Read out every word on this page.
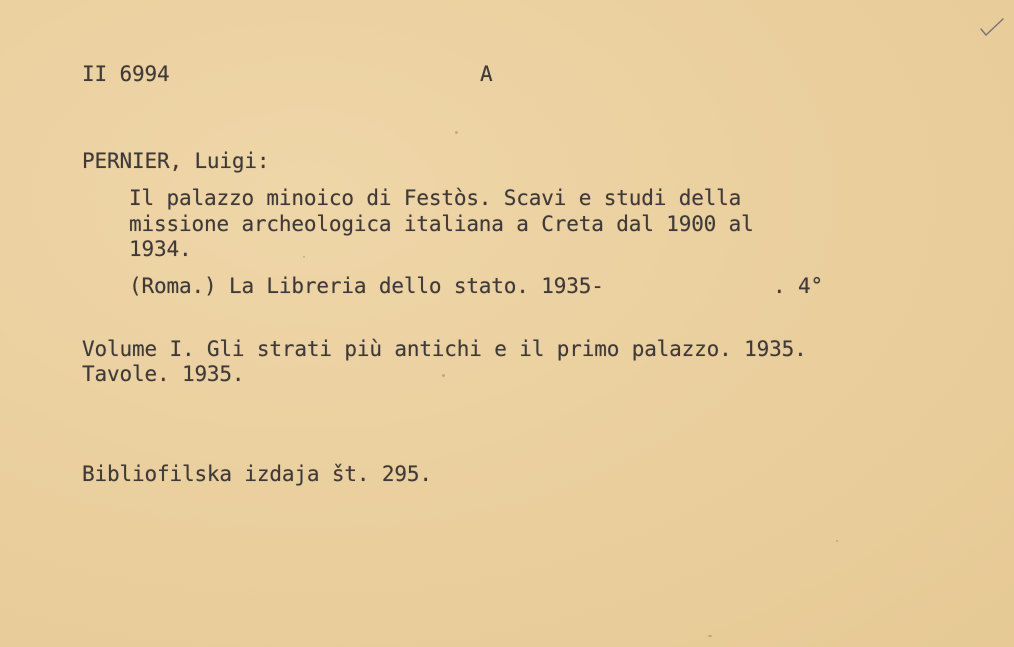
II 6994	A
PERNIER, Luigi:
Il palazzo minoico di Festòs. Scavi e studi della
missione archeologica italiana a Creta dal 1900 al
1934.
(Roma.) La Libreria dello stato. 1935-	. 4°
Volume I. Gli strati più antichi e il primo palazzo. 1935.
Tavole. 1935.
Bibliofilska izdaja št. 295.
